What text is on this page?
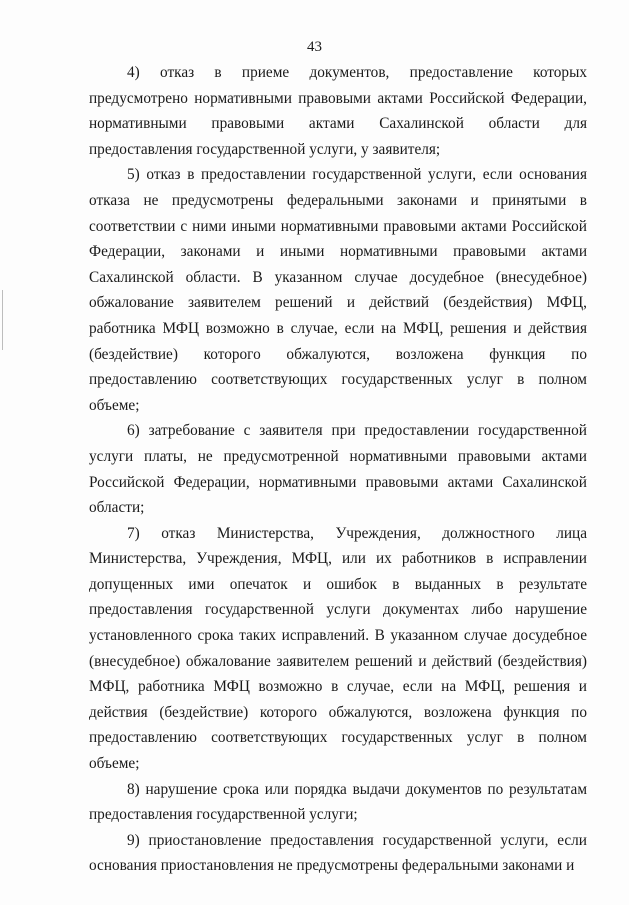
43

4) отказ в приеме документов, предоставление которых предусмотрено нормативными правовыми актами Российской Федерации, нормативными правовыми актами Сахалинской области для предоставления государственной услуги, у заявителя;

5) отказ в предоставлении государственной услуги, если основания отказа не предусмотрены федеральными законами и принятыми в соответствии с ними иными нормативными правовыми актами Российской Федерации, законами и иными нормативными правовыми актами Сахалинской области. В указанном случае досудебное (внесудебное) обжалование заявителем решений и действий (бездействия) МФЦ, работника МФЦ возможно в случае, если на МФЦ, решения и действия (бездействие) которого обжалуются, возложена функция по предоставлению соответствующих государственных услуг в полном объеме;

6) затребование с заявителя при предоставлении государственной услуги платы, не предусмотренной нормативными правовыми актами Российской Федерации, нормативными правовыми актами Сахалинской области;

7) отказ Министерства, Учреждения, должностного лица Министерства, Учреждения, МФЦ, или их работников в исправлении допущенных ими опечаток и ошибок в выданных в результате предоставления государственной услуги документах либо нарушение установленного срока таких исправлений. В указанном случае досудебное (внесудебное) обжалование заявителем решений и действий (бездействия) МФЦ, работника МФЦ возможно в случае, если на МФЦ, решения и действия (бездействие) которого обжалуются, возложена функция по предоставлению соответствующих государственных услуг в полном объеме;

8) нарушение срока или порядка выдачи документов по результатам предоставления государственной услуги;

9) приостановление предоставления государственной услуги, если основания приостановления не предусмотрены федеральными законами и
